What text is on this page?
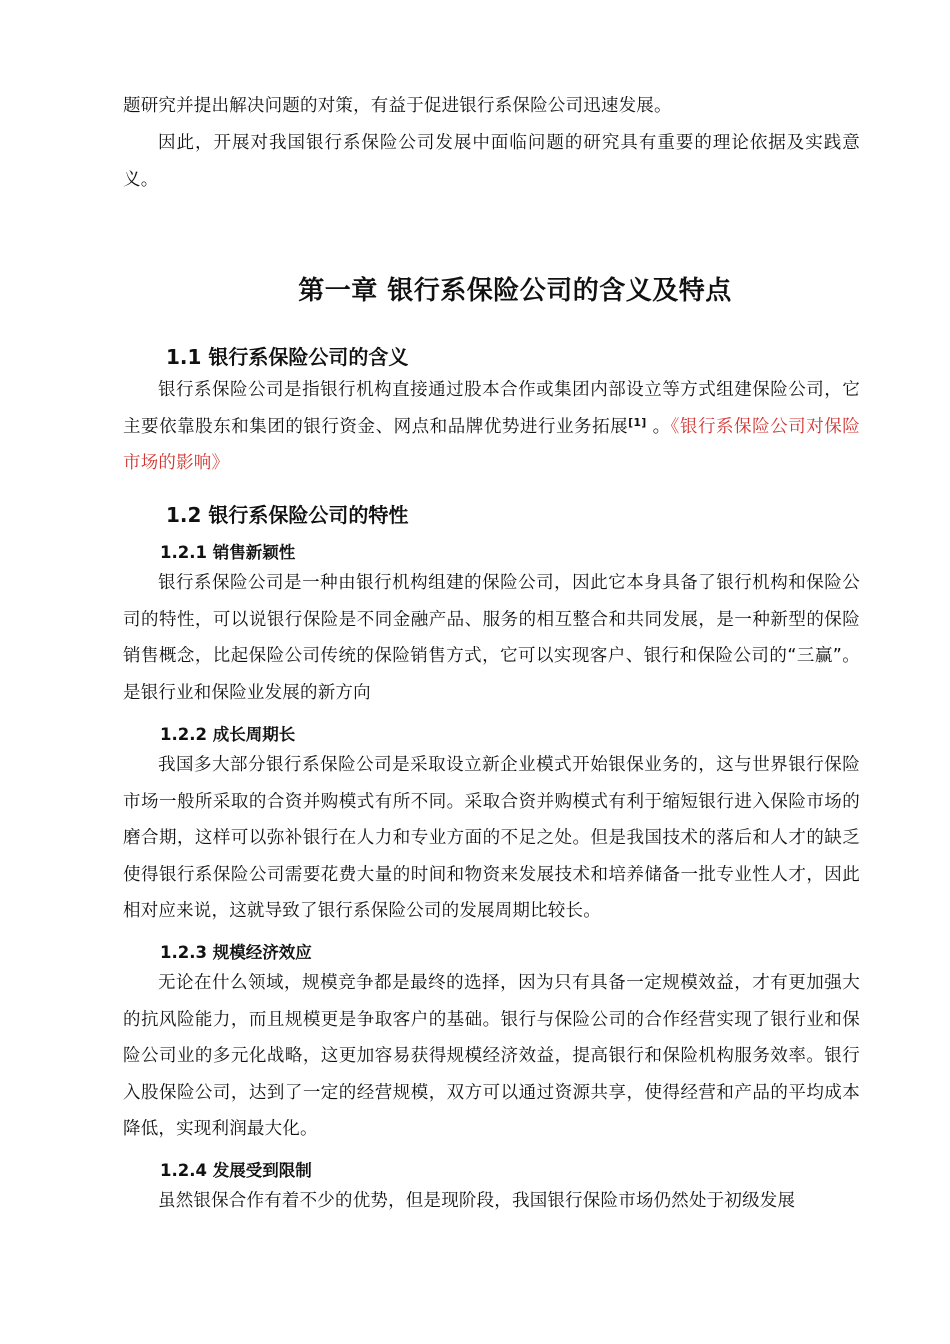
题研究并提出解决问题的对策，有益于促进银行系保险公司迅速发展。

因此，开展对我国银行系保险公司发展中面临问题的研究具有重要的理论依据及实践意义。

第一章 银行系保险公司的含义及特点
1.1 银行系保险公司的含义

银行系保险公司是指银行机构直接通过股本合作或集团内部设立等方式组建保险公司，它主要依靠股东和集团的银行资金、网点和品牌优势进行业务拓展[1] 。《银行系保险公司对保险市场的影响》

1.2 银行系保险公司的特性
1.2.1 销售新颖性

银行系保险公司是一种由银行机构组建的保险公司，因此它本身具备了银行机构和保险公司的特性，可以说银行保险是不同金融产品、服务的相互整合和共同发展，是一种新型的保险销售概念，比起保险公司传统的保险销售方式，它可以实现客户、银行和保险公司的“三赢”。是银行业和保险业发展的新方向

1.2.2 成长周期长

我国多大部分银行系保险公司是采取设立新企业模式开始银保业务的，这与世界银行保险市场一般所采取的合资并购模式有所不同。采取合资并购模式有利于缩短银行进入保险市场的磨合期，这样可以弥补银行在人力和专业方面的不足之处。但是我国技术的落后和人才的缺乏使得银行系保险公司需要花费大量的时间和物资来发展技术和培养储备一批专业性人才，因此相对应来说，这就导致了银行系保险公司的发展周期比较长。

1.2.3 规模经济效应

无论在什么领域，规模竞争都是最终的选择，因为只有具备一定规模效益，才有更加强大的抗风险能力，而且规模更是争取客户的基础。银行与保险公司的合作经营实现了银行业和保险公司业的多元化战略，这更加容易获得规模经济效益，提高银行和保险机构服务效率。银行入股保险公司，达到了一定的经营规模，双方可以通过资源共享，使得经营和产品的平均成本降低，实现利润最大化。

1.2.4 发展受到限制

虽然银保合作有着不少的优势，但是现阶段，我国银行保险市场仍然处于初级发展
